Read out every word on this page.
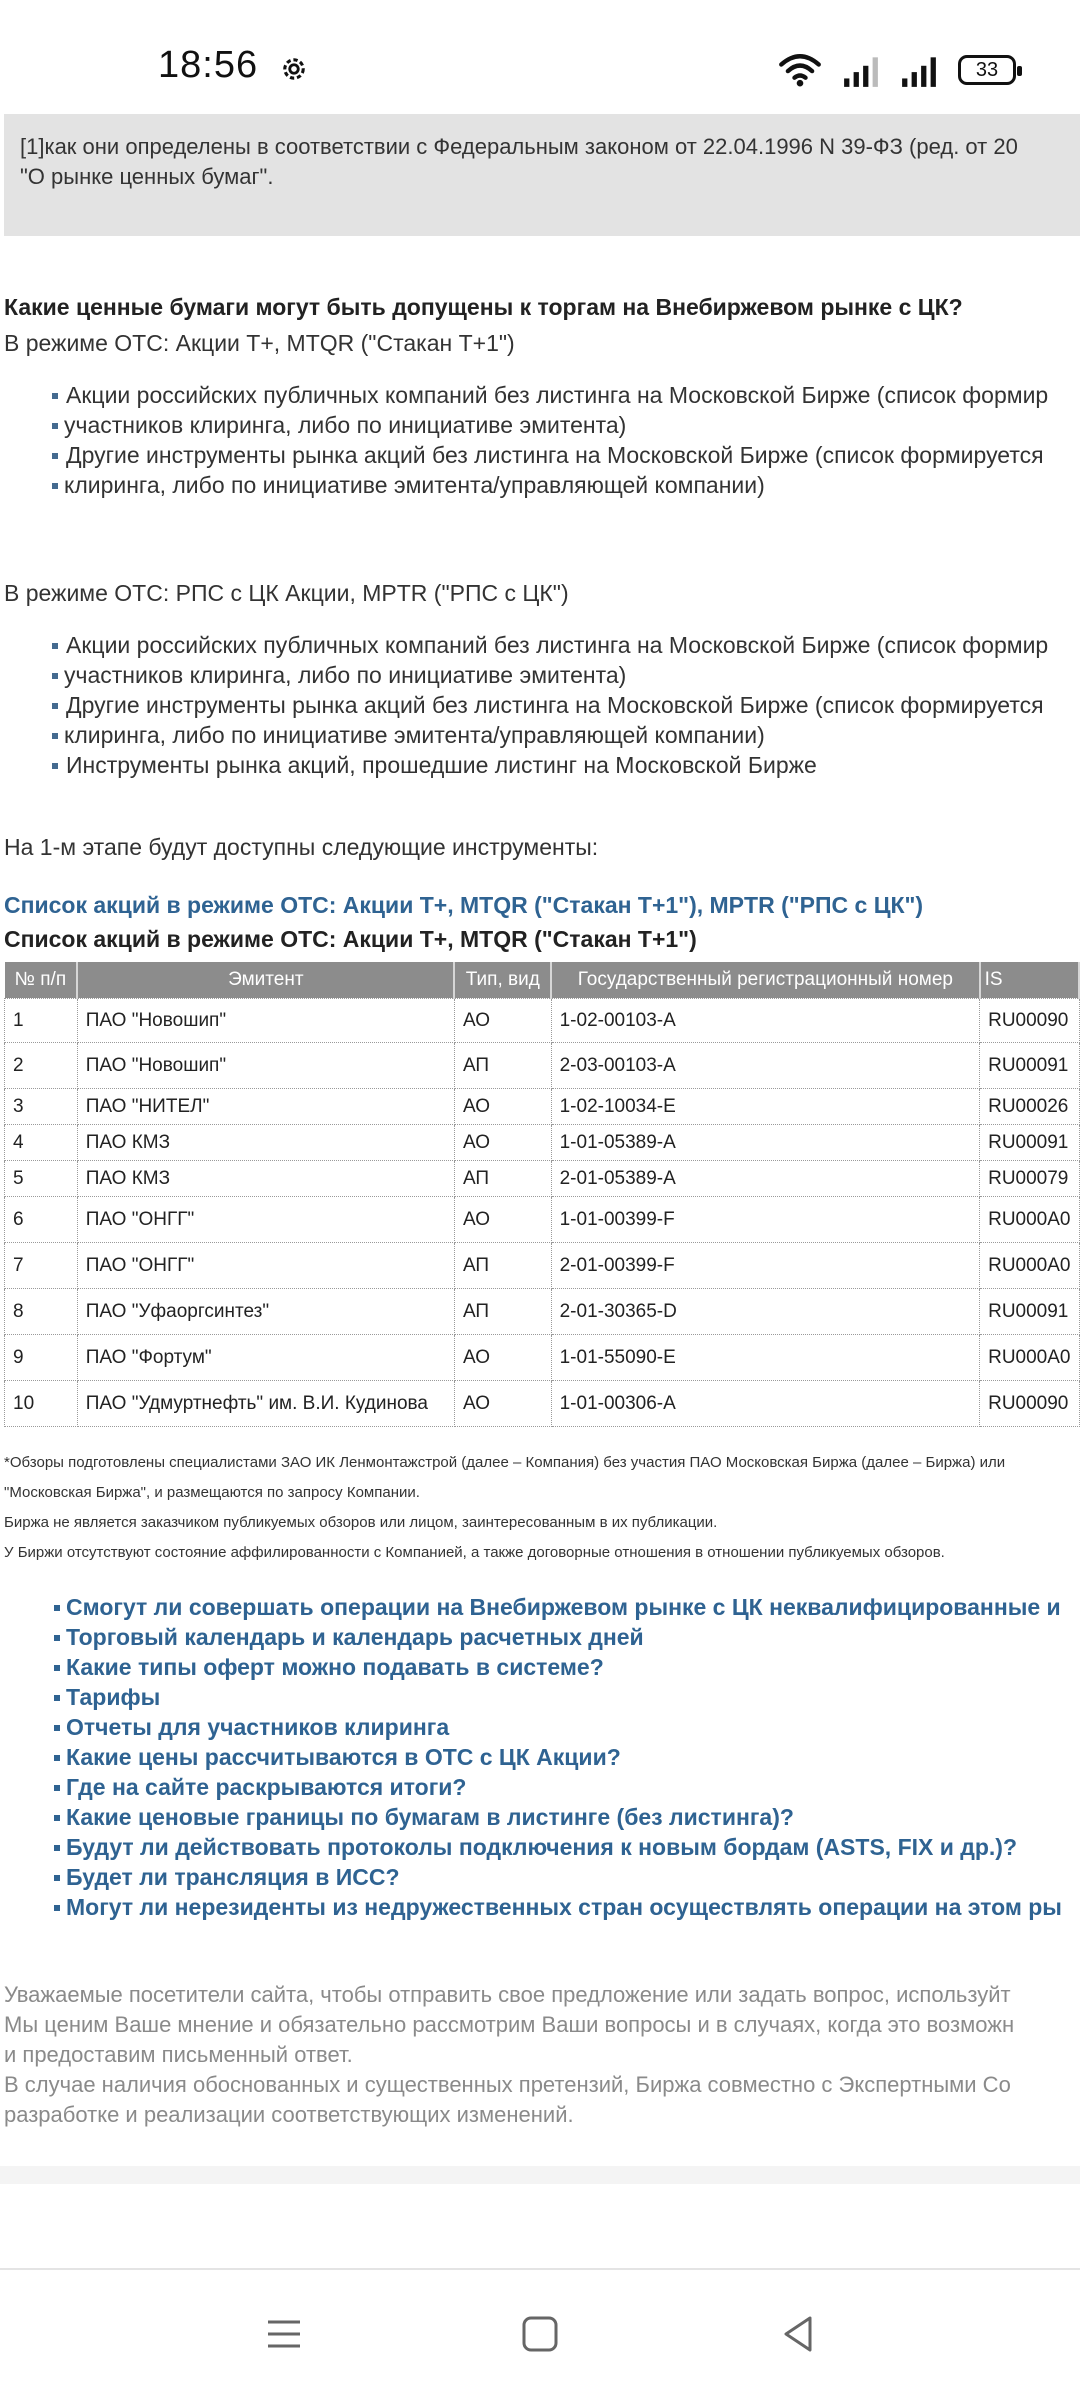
18:56	33
[1]как они определены в соответствии с Федеральным законом от 22.04.1996 N 39-ФЗ (ред. от 20
"О рынке ценных бумаг".
Какие ценные бумаги могут быть допущены к торгам на Внебиржевом рынке с ЦК?
В режиме ОТС: Акции Т+, MTQR ("Стакан Т+1")
Акции российских публичных компаний без листинга на Московской Бирже (список формир
участников клиринга, либо по инициативе эмитента)
Другие инструменты рынка акций без листинга на Московской Бирже (список формируется
клиринга, либо по инициативе эмитента/управляющей компании)
В режиме ОТС: РПС с ЦК Акции, MPTR ("РПС с ЦК")
Акции российских публичных компаний без листинга на Московской Бирже (список формир
участников клиринга, либо по инициативе эмитента)
Другие инструменты рынка акций без листинга на Московской Бирже (список формируется
клиринга, либо по инициативе эмитента/управляющей компании)
Инструменты рынка акций, прошедшие листинг на Московской Бирже
На 1-м этапе будут доступны следующие инструменты:
Список акций в режиме ОТС: Акции Т+, MTQR ("Стакан Т+1"), MPTR ("РПС с ЦК")
Список акций в режиме ОТС: Акции Т+, MTQR ("Стакан Т+1")
№ п/п	Эмитент	Тип, вид	Государственный регистрационный номер	IS
1	ПАО "Новошип"	АО	1-02-00103-А	RU00090
2	ПАО "Новошип"	АП	2-03-00103-А	RU00091
3	ПАО "НИТЕЛ"	АО	1-02-10034-Е	RU00026
4	ПАО КМЗ	АО	1-01-05389-А	RU00091
5	ПАО КМЗ	АП	2-01-05389-А	RU00079
6	ПАО "ОНГГ"	АО	1-01-00399-F	RU000A0
7	ПАО "ОНГГ"	АП	2-01-00399-F	RU000A0
8	ПАО "Уфаоргсинтез"	АП	2-01-30365-D	RU00091
9	ПАО "Фортум"	АО	1-01-55090-Е	RU000A0
10	ПАО "Удмуртнефть" им. В.И. Кудинова	АО	1-01-00306-А	RU00090
*Обзоры подготовлены специалистами ЗАО ИК Ленмонтажстрой (далее – Компания) без участия ПАО Московская Биржа (далее – Биржа) или
"Московская Биржа", и размещаются по запросу Компании.
Биржа не является заказчиком публикуемых обзоров или лицом, заинтересованным в их публикации.
У Биржи отсутствуют состояние аффилированности с Компанией, а также договорные отношения в отношении публикуемых обзоров.
Смогут ли совершать операции на Внебиржевом рынке с ЦК неквалифицированные и
Торговый календарь и календарь расчетных дней
Какие типы оферт можно подавать в системе?
Тарифы
Отчеты для участников клиринга
Какие цены рассчитываются в ОТС с ЦК Акции?
Где на сайте раскрываются итоги?
Какие ценовые границы по бумагам в листинге (без листинга)?
Будут ли действовать протоколы подключения к новым бордам (ASTS, FIX и др.)?
Будет ли трансляция в ИСС?
Могут ли нерезиденты из недружественных стран осуществлять операции на этом ры
Уважаемые посетители сайта, чтобы отправить свое предложение или задать вопрос, используйт
Мы ценим Ваше мнение и обязательно рассмотрим Ваши вопросы и в случаях, когда это возможн
и предоставим письменный ответ.
В случае наличия обоснованных и существенных претензий, Биржа совместно с Экспертными Со
разработке и реализации соответствующих изменений.
